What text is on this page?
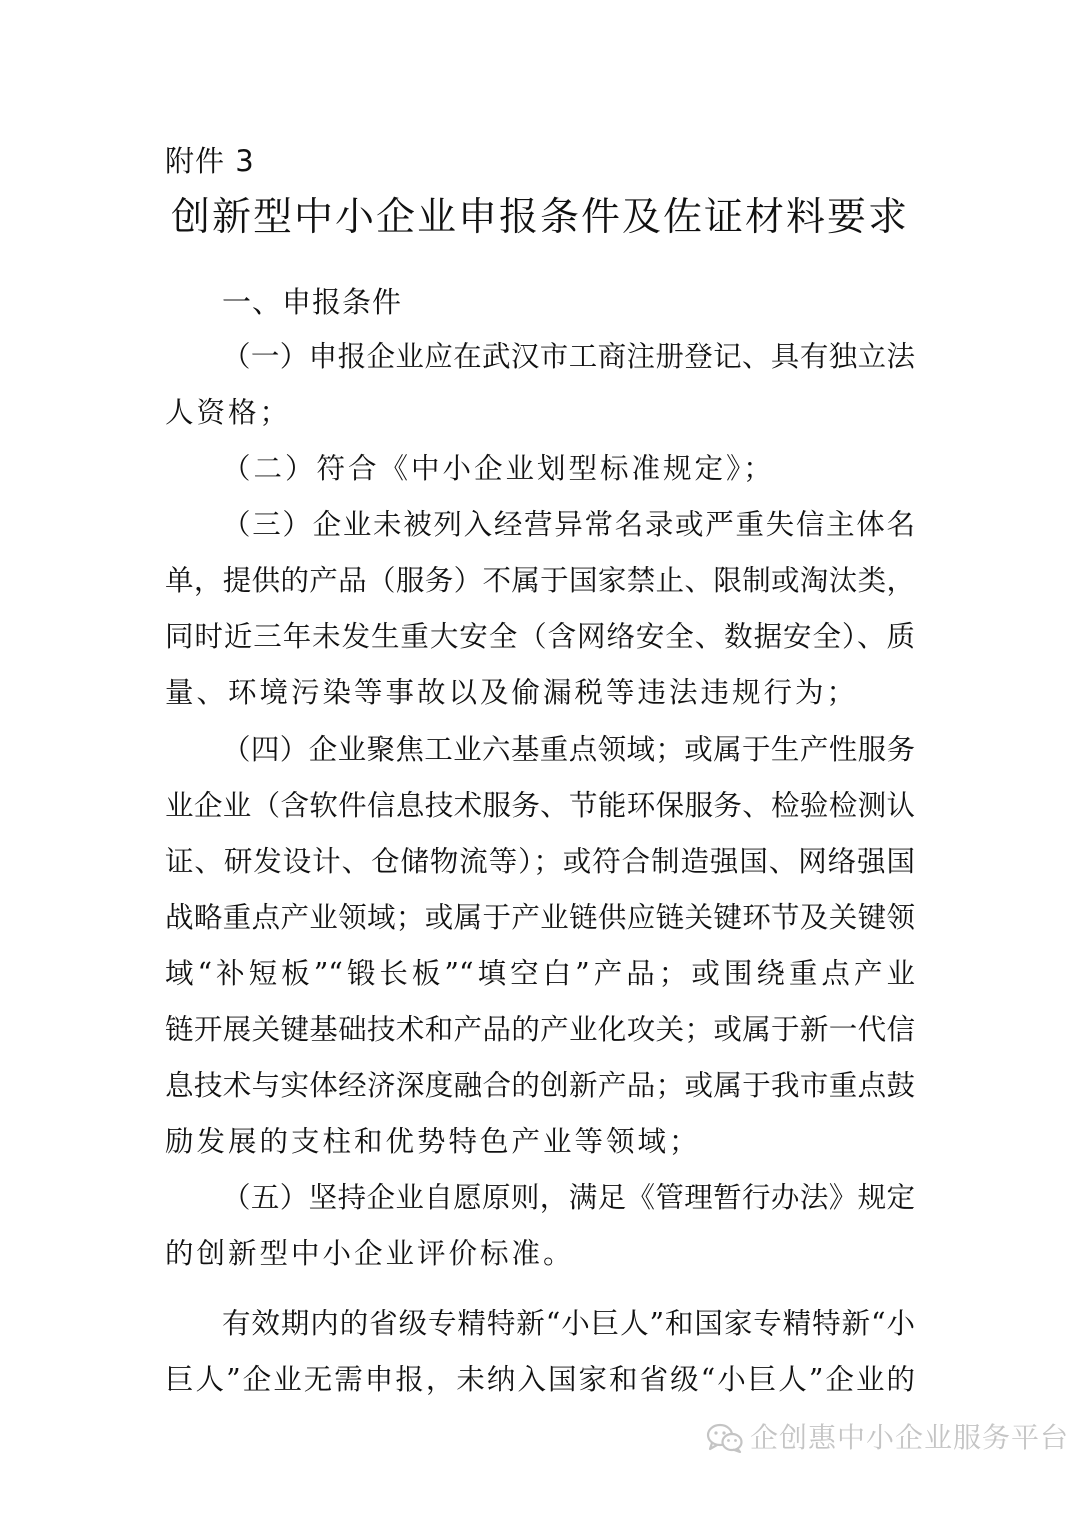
附件 3
创新型中小企业申报条件及佐证材料要求
一、申报条件
（一）申报企业应在武汉市工商注册登记、具有独立法
人资格；
（二）符合《中小企业划型标准规定》；
（三）企业未被列入经营异常名录或严重失信主体名
单，提供的产品（服务）不属于国家禁止、限制或淘汰类，
同时近三年未发生重大安全（含网络安全、数据安全）、质
量、环境污染等事故以及偷漏税等违法违规行为；
（四）企业聚焦工业六基重点领域；或属于生产性服务
业企业（含软件信息技术服务、节能环保服务、检验检测认
证、研发设计、仓储物流等）；或符合制造强国、网络强国
战略重点产业领域；或属于产业链供应链关键环节及关键领
域“补短板”“锻长板”“填空白”产品；或围绕重点产业
链开展关键基础技术和产品的产业化攻关；或属于新一代信
息技术与实体经济深度融合的创新产品；或属于我市重点鼓
励发展的支柱和优势特色产业等领域；
（五）坚持企业自愿原则，满足《管理暂行办法》规定
的创新型中小企业评价标准。
有效期内的省级专精特新“小巨人”和国家专精特新“小
巨人”企业无需申报，未纳入国家和省级“小巨人”企业的
企创惠中小企业服务平台
